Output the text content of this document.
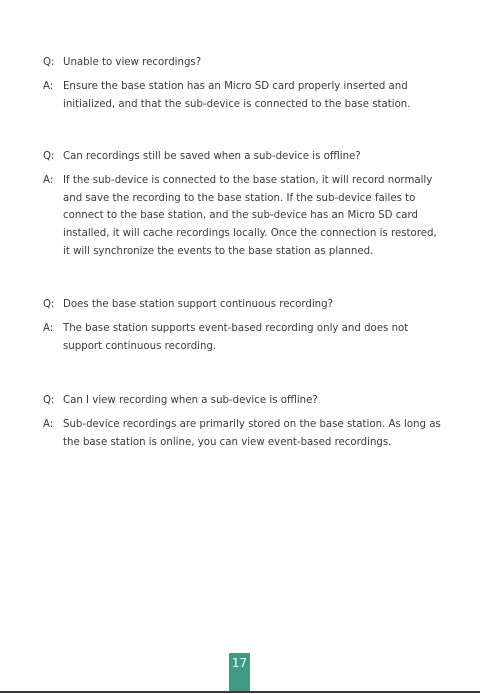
Q: Unable to view recordings?
A: Ensure the base station has an Micro SD card properly inserted and initialized, and that the sub-device is connected to the base station.
Q: Can recordings still be saved when a sub-device is offline?
A: If the sub-device is connected to the base station, it will record normally and save the recording to the base station. If the sub-device failes to connect to the base station, and the sub-device has an Micro SD card installed, it will cache recordings locally. Once the connection is restored, it will synchronize the events to the base station as planned.
Q: Does the base station support continuous recording?
A: The base station supports event-based recording only and does not support continuous recording.
Q: Can I view recording when a sub-device is offline?
A: Sub-device recordings are primarily stored on the base station. As long as the base station is online, you can view event-based recordings.
17
